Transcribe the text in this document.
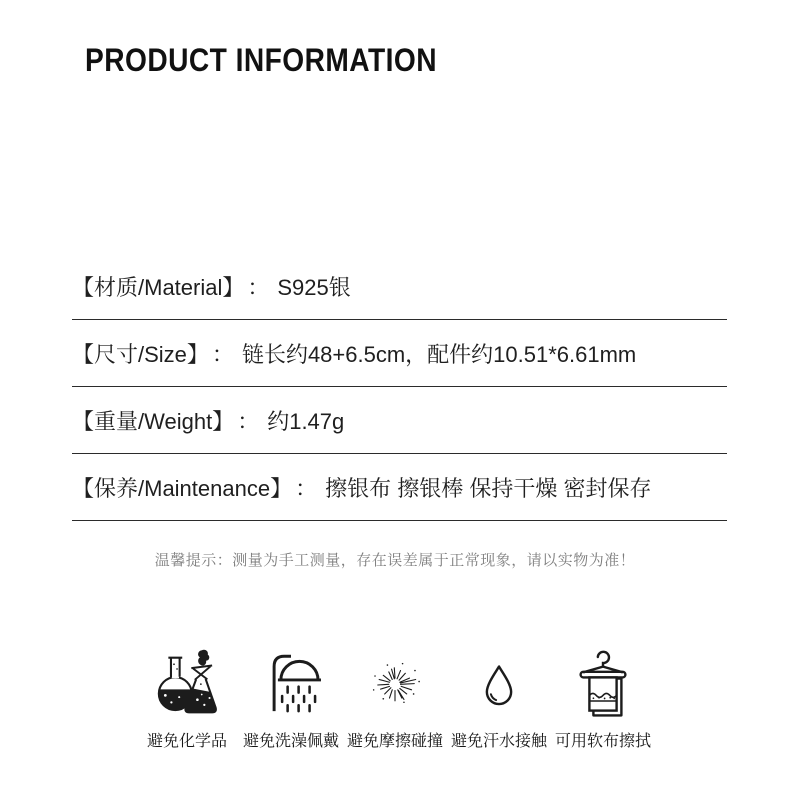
PRODUCT INFORMATION
【材质/Material】 ： S925银
【尺寸/Size】 ： 链长约48+6.5cm，配件约10.51*6.61mm
【重量/Weight】 ： 约1.47g
【保养/Maintenance】 ： 擦银布 擦银棒 保持干燥 密封保存
温馨提示：测量为手工测量，存在误差属于正常现象，请以实物为准！
避免化学品 避免洗澡佩戴 避免摩擦碰撞 避免汗水接触 可用软布擦拭
